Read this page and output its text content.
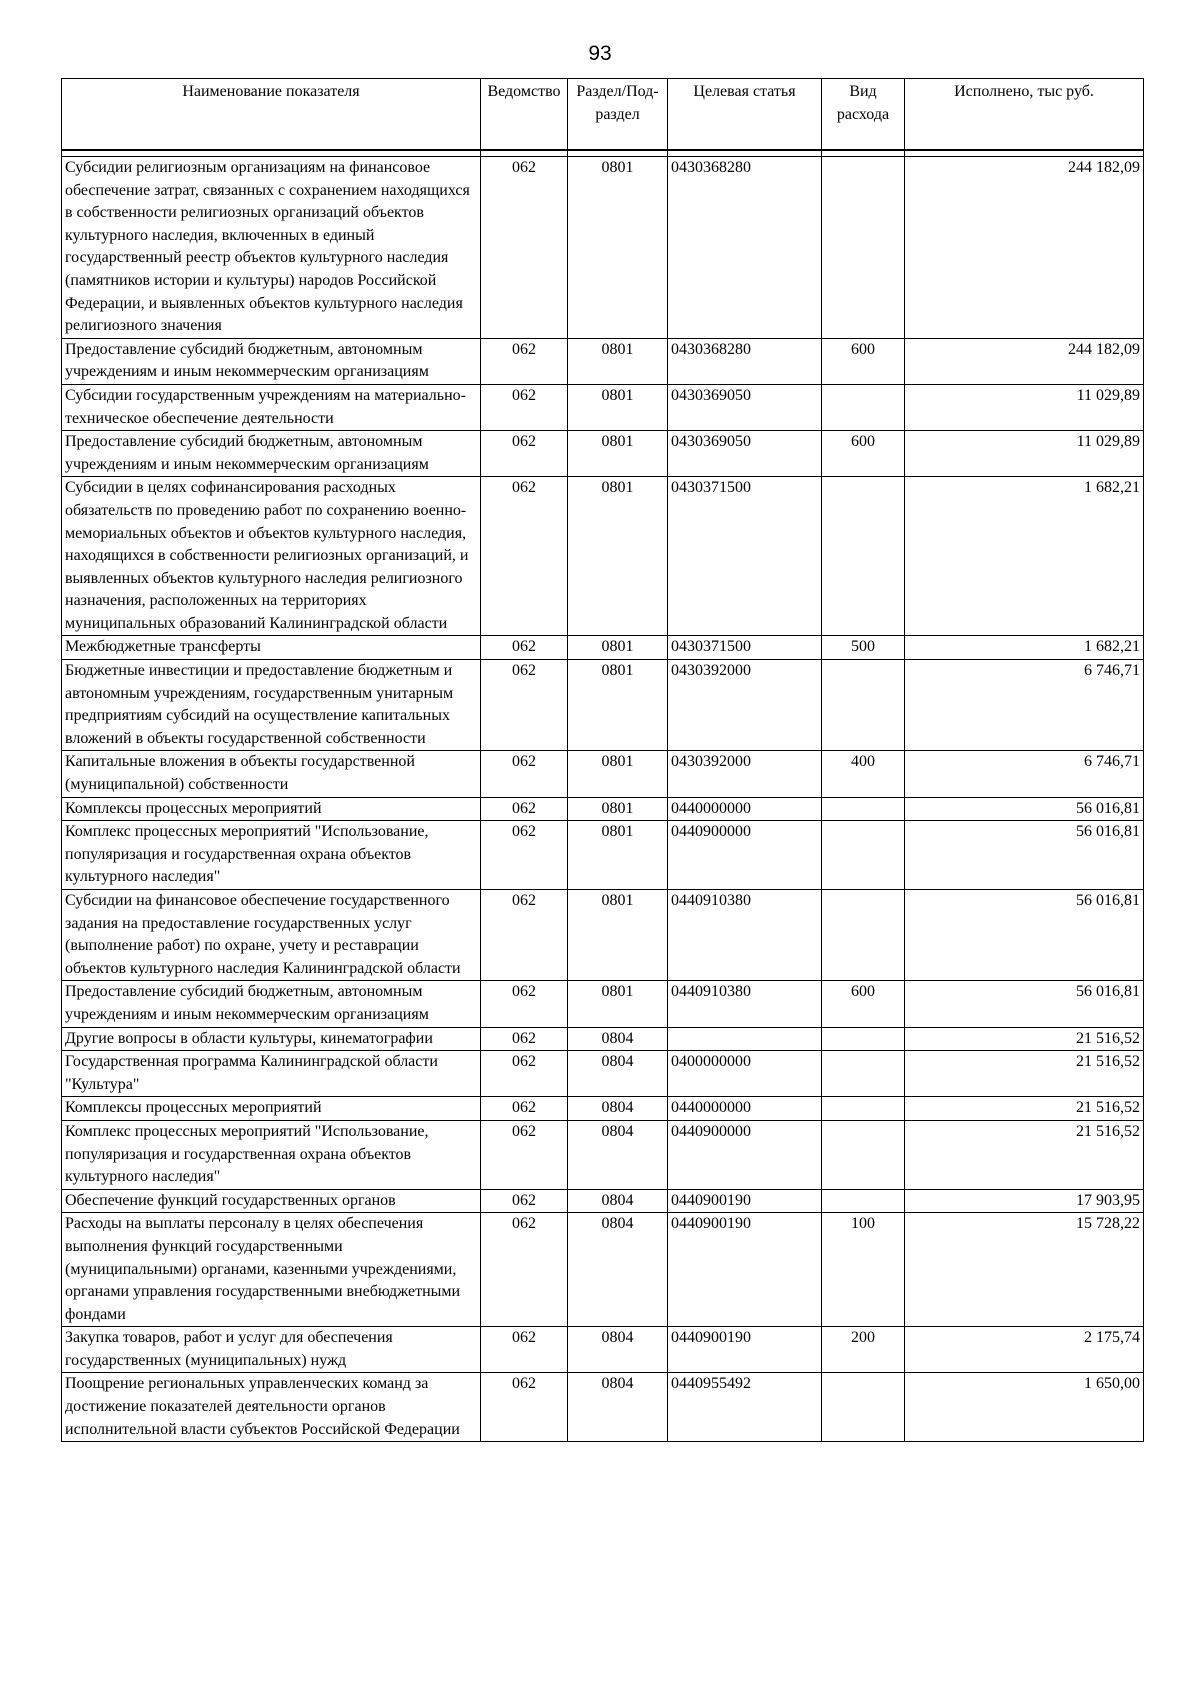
93
Наименование показателя	Ведомство	Раздел/Под-раздел	Целевая статья	Вид расхода	Исполнено, тыс руб.

Субсидии религиозным организациям на финансовое обеспечение затрат, связанных с сохранением находящихся в собственности религиозных организаций объектов культурного наследия, включенных в единый государственный реестр объектов культурного наследия (памятников истории и культуры) народов Российской Федерации, и выявленных объектов культурного наследия религиозного значения	062	0801	0430368280		244 182,09
Предоставление субсидий бюджетным, автономным учреждениям и иным некоммерческим организациям	062	0801	0430368280	600	244 182,09
Субсидии государственным учреждениям на материально-техническое обеспечение деятельности	062	0801	0430369050		11 029,89
Предоставление субсидий бюджетным, автономным учреждениям и иным некоммерческим организациям	062	0801	0430369050	600	11 029,89
Субсидии в целях софинансирования расходных обязательств по проведению работ по сохранению военно-мемориальных объектов и объектов культурного наследия, находящихся в собственности религиозных организаций, и выявленных объектов культурного наследия религиозного назначения, расположенных на территориях муниципальных образований Калининградской области	062	0801	0430371500		1 682,21
Межбюджетные трансферты	062	0801	0430371500	500	1 682,21
Бюджетные инвестиции и предоставление бюджетным и автономным учреждениям, государственным унитарным предприятиям субсидий на осуществление капитальных вложений в объекты государственной собственности	062	0801	0430392000		6 746,71
Капитальные вложения в объекты государственной (муниципальной) собственности	062	0801	0430392000	400	6 746,71
Комплексы процессных мероприятий	062	0801	0440000000		56 016,81
Комплекс процессных мероприятий "Использование, популяризация и государственная охрана объектов культурного наследия"	062	0801	0440900000		56 016,81
Субсидии на финансовое обеспечение государственного задания на предоставление государственных услуг (выполнение работ) по охране, учету и реставрации объектов культурного наследия Калининградской области	062	0801	0440910380		56 016,81
Предоставление субсидий бюджетным, автономным учреждениям и иным некоммерческим организациям	062	0801	0440910380	600	56 016,81
Другие вопросы в области культуры, кинематографии	062	0804			21 516,52
Государственная программа Калининградской области "Культура"	062	0804	0400000000		21 516,52
Комплексы процессных мероприятий	062	0804	0440000000		21 516,52
Комплекс процессных мероприятий "Использование, популяризация и государственная охрана объектов культурного наследия"	062	0804	0440900000		21 516,52
Обеспечение функций государственных органов	062	0804	0440900190		17 903,95
Расходы на выплаты персоналу в целях обеспечения выполнения функций государственными (муниципальными) органами, казенными учреждениями, органами управления государственными внебюджетными фондами	062	0804	0440900190	100	15 728,22
Закупка товаров, работ и услуг для обеспечения государственных (муниципальных) нужд	062	0804	0440900190	200	2 175,74
Поощрение региональных управленческих команд за достижение показателей деятельности органов исполнительной власти субъектов Российской Федерации	062	0804	0440955492		1 650,00
